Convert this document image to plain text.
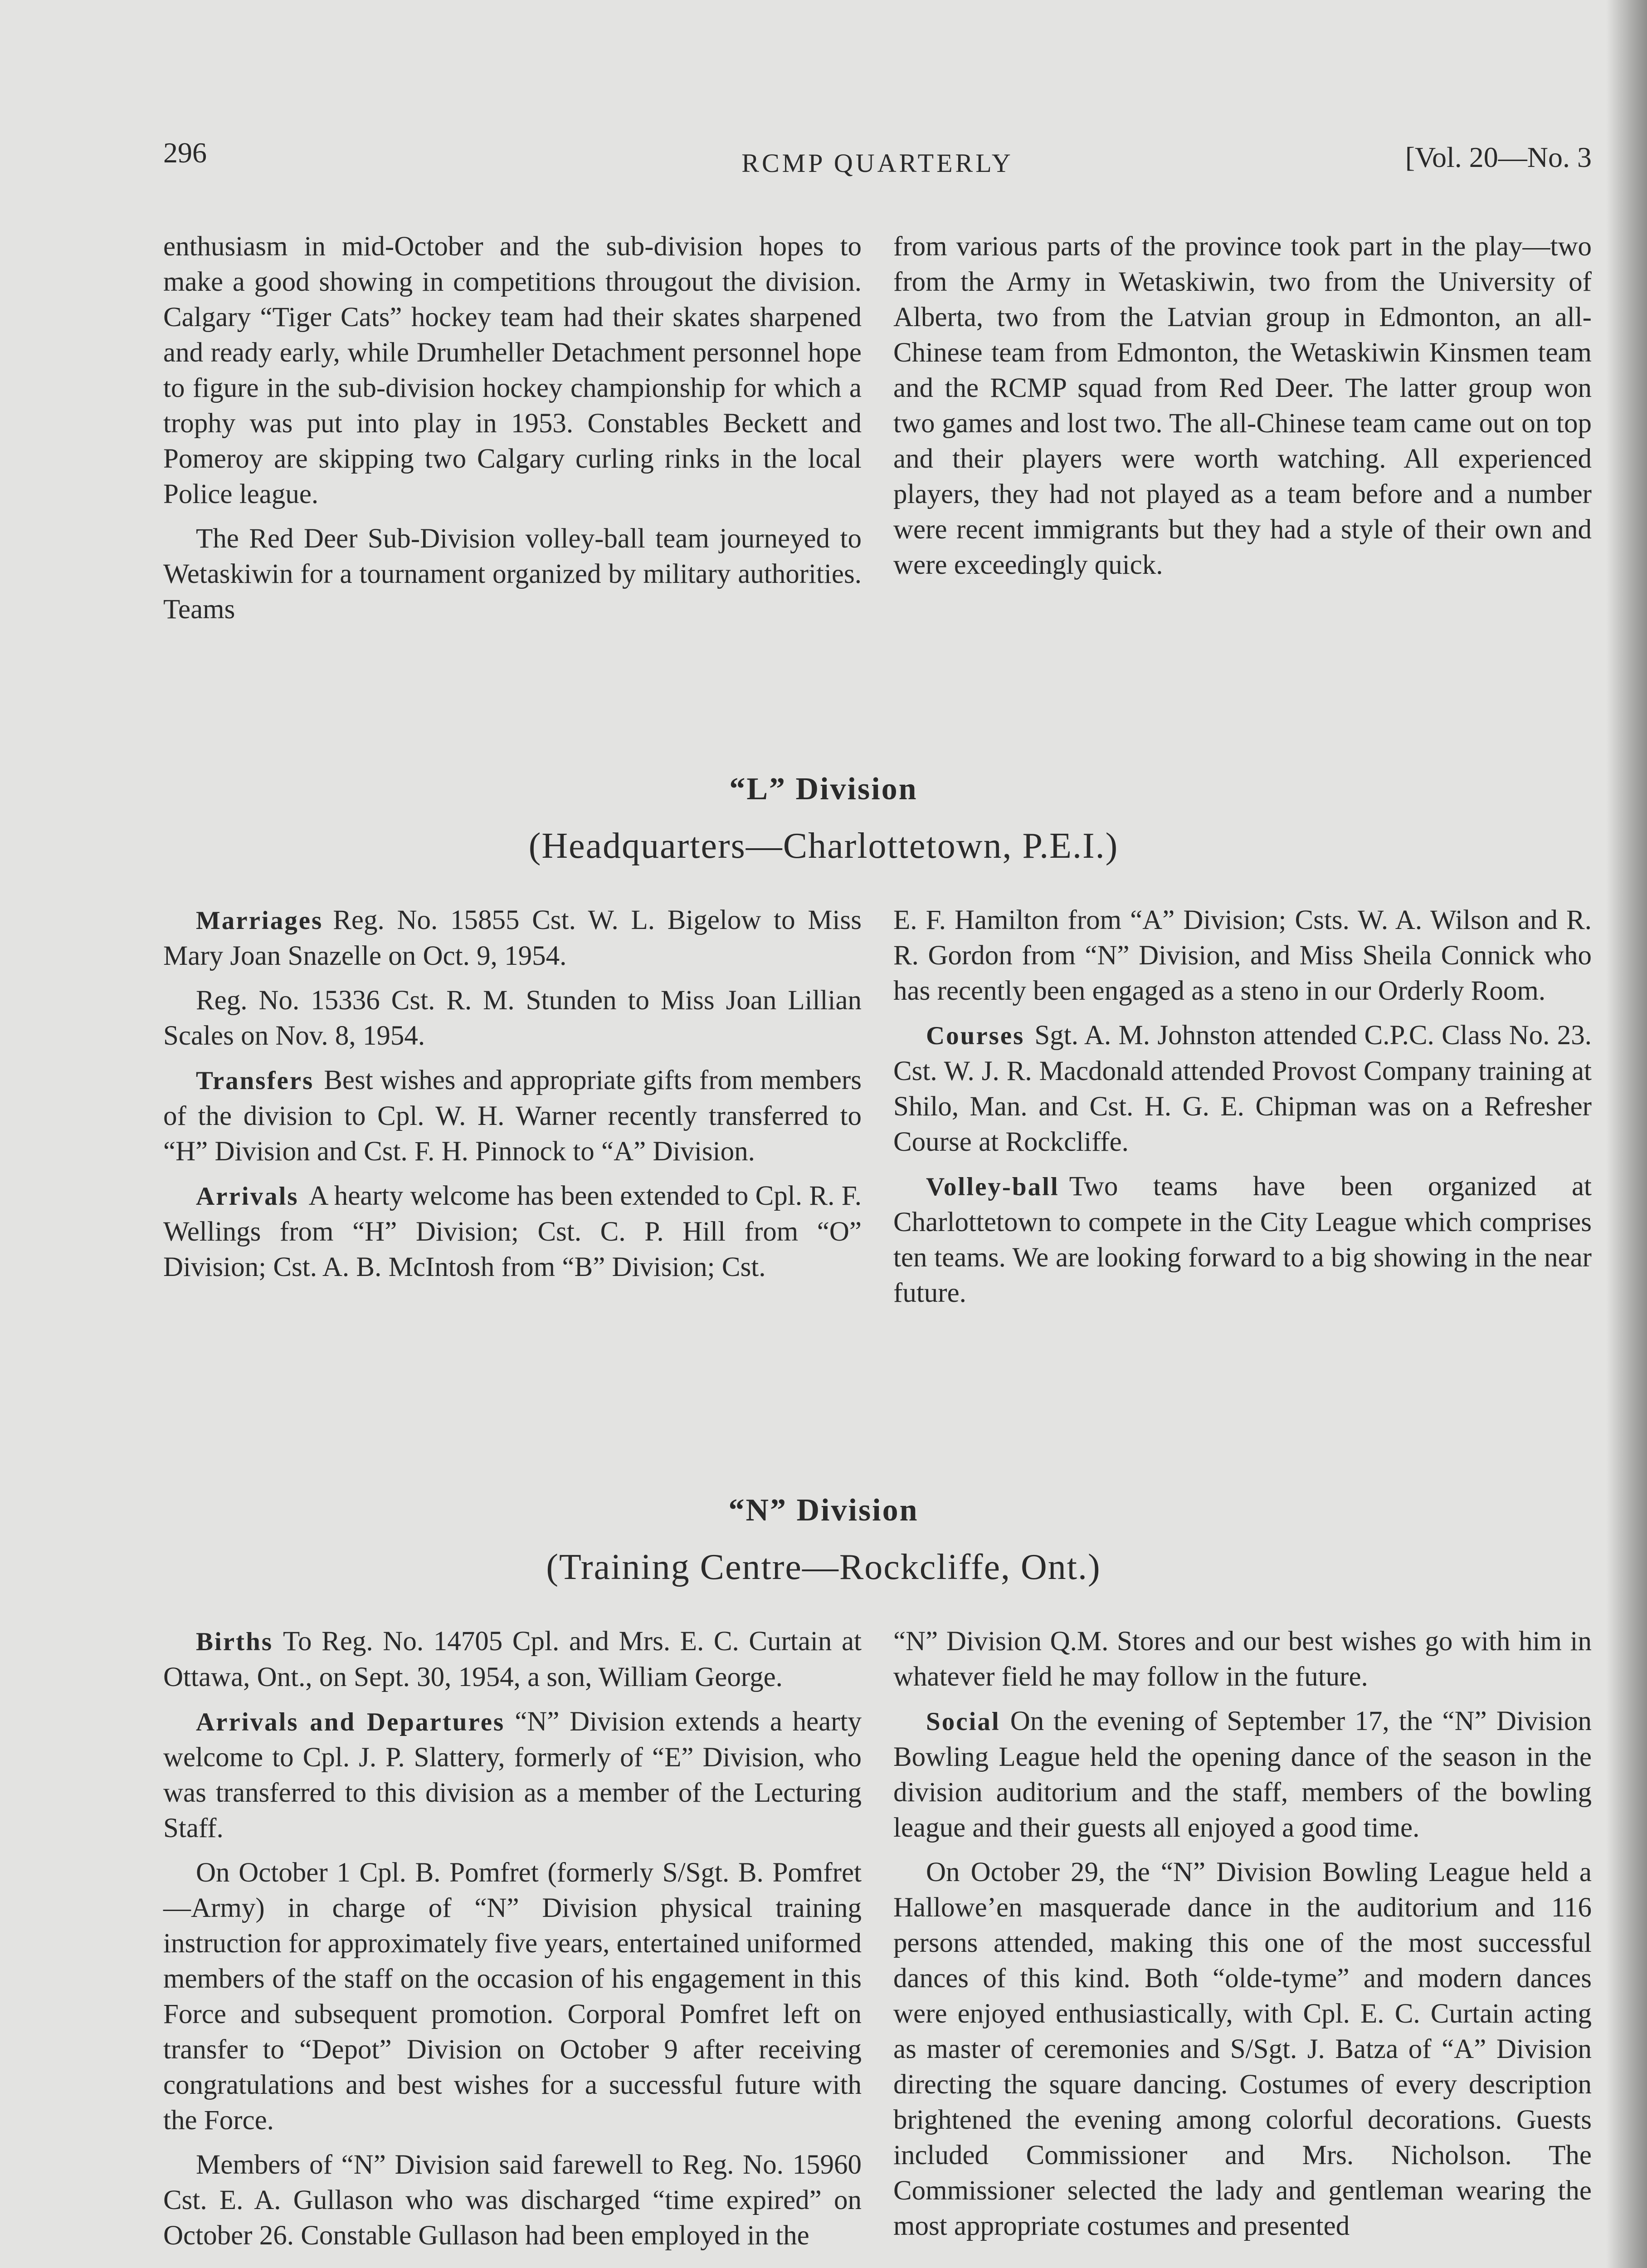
296	RCMP QUARTERLY	[Vol. 20—No. 3

enthusiasm in mid-October and the sub-division hopes to make a good showing in competitions througout the division. Calgary “Tiger Cats” hockey team had their skates sharpened and ready early, while Drumheller Detachment personnel hope to figure in the sub-division hockey championship for which a trophy was put into play in 1953. Constables Beckett and Pomeroy are skipping two Calgary curling rinks in the local Police league.

The Red Deer Sub-Division volley-ball team journeyed to Wetaskiwin for a tournament organized by military authorities. Teams

from various parts of the province took part in the play—two from the Army in Wetaskiwin, two from the University of Alberta, two from the Latvian group in Edmonton, an all-Chinese team from Edmonton, the Wetaskiwin Kinsmen team and the RCMP squad from Red Deer. The latter group won two games and lost two. The all-Chinese team came out on top and their players were worth watching. All experienced players, they had not played as a team before and a number were recent immigrants but they had a style of their own and were exceedingly quick.

“L” Division
(Headquarters—Charlottetown, P.E.I.)

Marriages Reg. No. 15855 Cst. W. L. Bigelow to Miss Mary Joan Snazelle on Oct. 9, 1954.

Reg. No. 15336 Cst. R. M. Stunden to Miss Joan Lillian Scales on Nov. 8, 1954.

Transfers Best wishes and appropriate gifts from members of the division to Cpl. W. H. Warner recently transferred to “H” Division and Cst. F. H. Pinnock to “A” Division.

Arrivals A hearty welcome has been extended to Cpl. R. F. Wellings from “H” Division; Cst. C. P. Hill from “O” Division; Cst. A. B. McIntosh from “B” Division; Cst.

E. F. Hamilton from “A” Division; Csts. W. A. Wilson and R. R. Gordon from “N” Division, and Miss Sheila Connick who has recently been engaged as a steno in our Orderly Room.

Courses Sgt. A. M. Johnston attended C.P.C. Class No. 23. Cst. W. J. R. Macdonald attended Provost Company training at Shilo, Man. and Cst. H. G. E. Chipman was on a Refresher Course at Rockcliffe.

Volley-ball Two teams have been organized at Charlottetown to compete in the City League which comprises ten teams. We are looking forward to a big showing in the near future.

“N” Division
(Training Centre—Rockcliffe, Ont.)

Births To Reg. No. 14705 Cpl. and Mrs. E. C. Curtain at Ottawa, Ont., on Sept. 30, 1954, a son, William George.

Arrivals and Departures “N” Division extends a hearty welcome to Cpl. J. P. Slattery, formerly of “E” Division, who was transferred to this division as a member of the Lecturing Staff.

On October 1 Cpl. B. Pomfret (formerly S/Sgt. B. Pomfret—Army) in charge of “N” Division physical training instruction for approximately five years, entertained uniformed members of the staff on the occasion of his engagement in this Force and subsequent promotion. Corporal Pomfret left on transfer to “Depot” Division on October 9 after receiving congratulations and best wishes for a successful future with the Force.

Members of “N” Division said farewell to Reg. No. 15960 Cst. E. A. Gullason who was discharged “time expired” on October 26. Constable Gullason had been employed in the

“N” Division Q.M. Stores and our best wishes go with him in whatever field he may follow in the future.

Social On the evening of September 17, the “N” Division Bowling League held the opening dance of the season in the division auditorium and the staff, members of the bowling league and their guests all enjoyed a good time.

On October 29, the “N” Division Bowling League held a Hallowe’en masquerade dance in the auditorium and 116 persons attended, making this one of the most successful dances of this kind. Both “olde-tyme” and modern dances were enjoyed enthusiastically, with Cpl. E. C. Curtain acting as master of ceremonies and S/Sgt. J. Batza of “A” Division directing the square dancing. Costumes of every description brightened the evening among colorful decorations. Guests included Commissioner and Mrs. Nicholson. The Commissioner selected the lady and gentleman wearing the most appropriate costumes and presented
